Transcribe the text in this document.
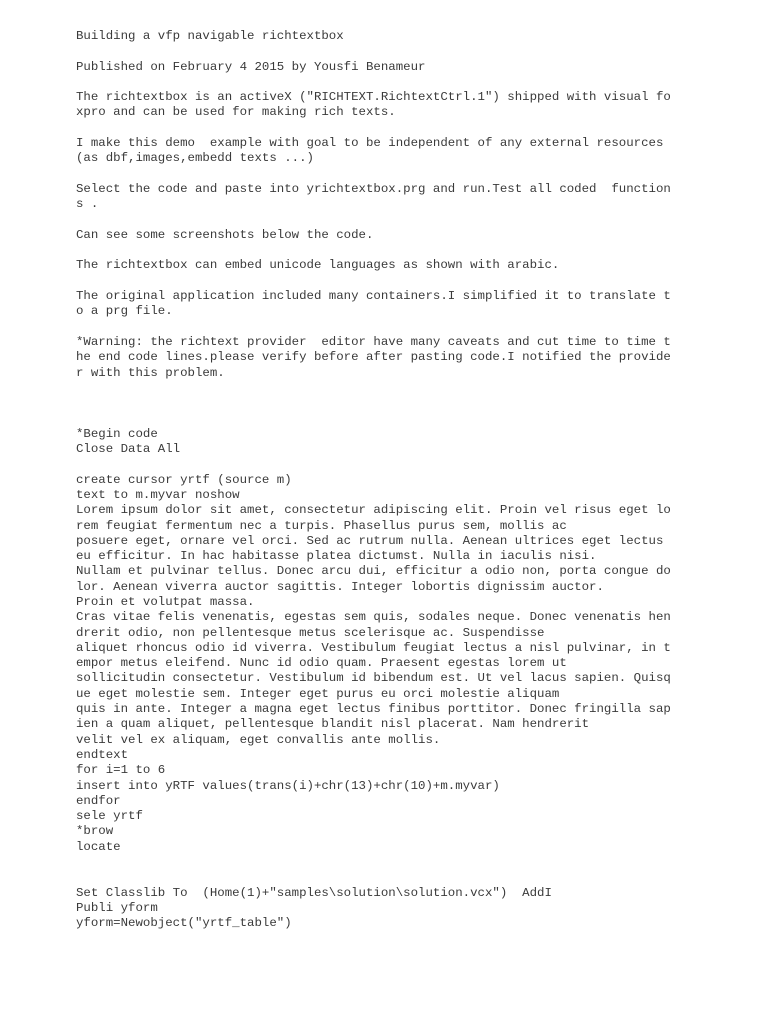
Building a vfp navigable richtextbox
Published on February 4 2015 by Yousfi Benameur
The richtextbox is an activeX ("RICHTEXT.RichtextCtrl.1") shipped with visual fo
xpro and can be used for making rich texts.
I make this demo  example with goal to be independent of any external resources
(as dbf,images,embedd texts ...)
Select the code and paste into yrichtextbox.prg and run.Test all coded  function
s .
Can see some screenshots below the code.
The richtextbox can embed unicode languages as shown with arabic.
The original application included many containers.I simplified it to translate t
o a prg file.
*Warning: the richtext provider  editor have many caveats and cut time to time t
he end code lines.please verify before after pasting code.I notified the provide
r with this problem.
*Begin code
Close Data All
create cursor yrtf (source m)
text to m.myvar noshow
Lorem ipsum dolor sit amet, consectetur adipiscing elit. Proin vel risus eget lo
rem feugiat fermentum nec a turpis. Phasellus purus sem, mollis ac
posuere eget, ornare vel orci. Sed ac rutrum nulla. Aenean ultrices eget lectus
eu efficitur. In hac habitasse platea dictumst. Nulla in iaculis nisi.
Nullam et pulvinar tellus. Donec arcu dui, efficitur a odio non, porta congue do
lor. Aenean viverra auctor sagittis. Integer lobortis dignissim auctor.
Proin et volutpat massa.
Cras vitae felis venenatis, egestas sem quis, sodales neque. Donec venenatis hen
drerit odio, non pellentesque metus scelerisque ac. Suspendisse
aliquet rhoncus odio id viverra. Vestibulum feugiat lectus a nisl pulvinar, in t
empor metus eleifend. Nunc id odio quam. Praesent egestas lorem ut
sollicitudin consectetur. Vestibulum id bibendum est. Ut vel lacus sapien. Quisq
ue eget molestie sem. Integer eget purus eu orci molestie aliquam
quis in ante. Integer a magna eget lectus finibus porttitor. Donec fringilla sap
ien a quam aliquet, pellentesque blandit nisl placerat. Nam hendrerit
velit vel ex aliquam, eget convallis ante mollis.
endtext
for i=1 to 6
insert into yRTF values(trans(i)+chr(13)+chr(10)+m.myvar)
endfor
sele yrtf
*brow
locate
Set Classlib To  (Home(1)+"samples\solution\solution.vcx")  AddI
Publi yform
yform=Newobject("yrtf_table")
